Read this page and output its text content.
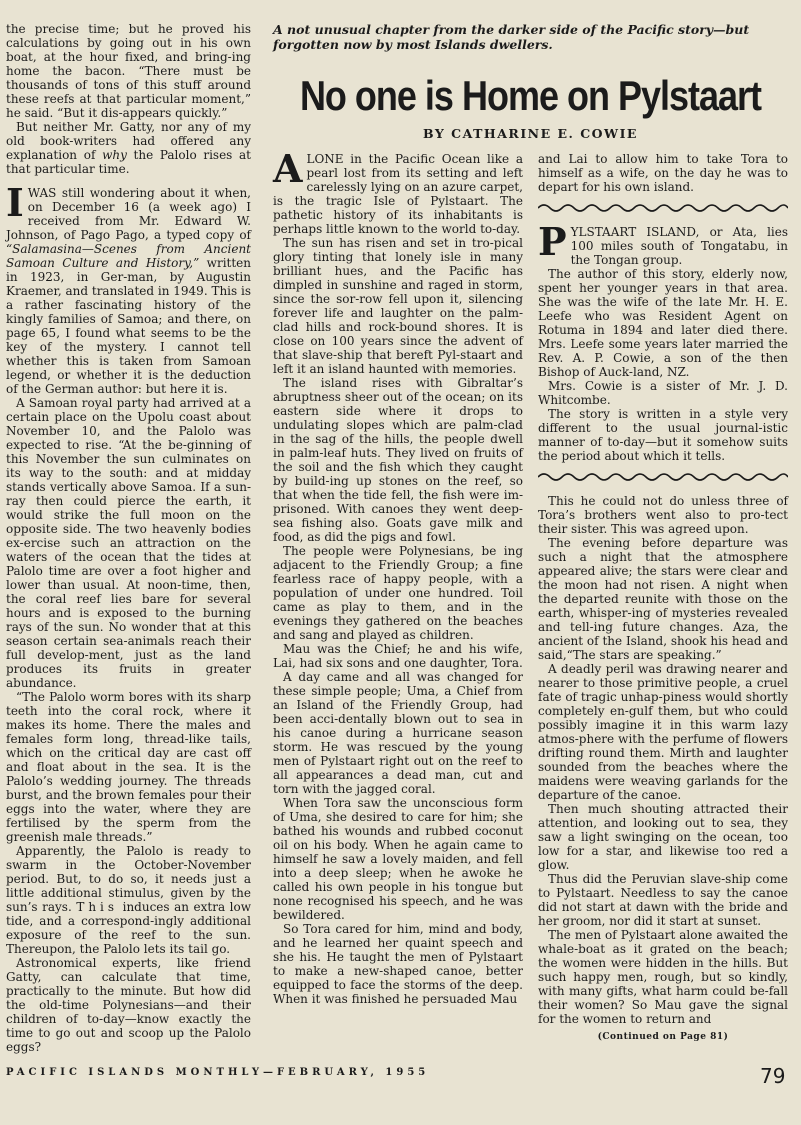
the precise time; but he proved his calculations by going out in his own boat, at the hour fixed, and bring-ing home the bacon. “There must be thousands of tons of this stuff around these reefs at that particular moment,” he said. “But it dis-appears quickly.”

But neither Mr. Gatty, nor any of my old book-writers had offered any explanation of why the Palolo rises at that particular time.

I WAS still wondering about it when, on December 16 (a week ago) I received from Mr. Edward W. Johnson, of Pago Pago, a typed copy of “Salamasina—Scenes from Ancient Samoan Culture and History,” written in 1923, in Ger-man, by Augustin Kraemer, and translated in 1949. This is a rather fascinating history of the kingly families of Samoa; and there, on page 65, I found what seems to be the key of the mystery. I cannot tell whether this is taken from Samoan legend, or whether it is the deduction of the German author: but here it is.

A Samoan royal party had arrived at a certain place on the Upolu coast about November 10, and the Palolo was expected to rise. “At the be-ginning of this November the sun culminates on its way to the south: and at midday stands vertically above Samoa. If a sun-ray then could pierce the earth, it would strike the full moon on the opposite side. The two heavenly bodies ex-ercise such an attraction on the waters of the ocean that the tides at Palolo time are over a foot higher and lower than usual. At noon-time, then, the coral reef lies bare for several hours and is exposed to the burning rays of the sun. No wonder that at this season certain sea-animals reach their full develop-ment, just as the land produces its fruits in greater abundance.

“The Palolo worm bores with its sharp teeth into the coral rock, where it makes its home. There the males and females form long, thread-like tails, which on the critical day are cast off and float about in the sea. It is the Palolo’s wedding journey. The threads burst, and the brown females pour their eggs into the water, where they are fertilised by the sperm from the greenish male threads.”

Apparently, the Palolo is ready to swarm in the October-November period. But, to do so, it needs just a little additional stimulus, given by the sun’s rays. This induces an extra low tide, and a correspond-ingly additional exposure of the reef to the sun. Thereupon, the Palolo lets its tail go.

Astronomical experts, like friend Gatty, can calculate that time, practically to the minute. But how did the old-time Polynesians—and their children of to-day—know exactly the time to go out and scoop up the Palolo eggs?

A not unusual chapter from the darker side of the Pacific story—but forgotten now by most Islands dwellers.
No one is Home on Pylstaart
BY CATHARINE E. COWIE

ALONE in the Pacific Ocean like a pearl lost from its setting and left carelessly lying on an azure carpet, is the tragic Isle of Pylstaart. The pathetic history of its inhabitants is perhaps little known to the world to-day.

The sun has risen and set in tro-pical glory tinting that lonely isle in many brilliant hues, and the Pacific has dimpled in sunshine and raged in storm, since the sor-row fell upon it, silencing forever life and laughter on the palm-clad hills and rock-bound shores. It is close on 100 years since the advent of that slave-ship that bereft Pyl-staart and left it an island haunted with memories.

The island rises with Gibraltar’s abruptness sheer out of the ocean; on its eastern side where it drops to undulating slopes which are palm-clad in the sag of the hills, the people dwell in palm-leaf huts. They lived on fruits of the soil and the fish which they caught by build-ing up stones on the reef, so that when the tide fell, the fish were im-prisoned. With canoes they went deep-sea fishing also. Goats gave milk and food, as did the pigs and fowl.

The people were Polynesians, be ing adjacent to the Friendly Group; a fine fearless race of happy people, with a population of under one hundred. Toil came as play to them, and in the evenings they gathered on the beaches and sang and played as children.

Mau was the Chief; he and his wife, Lai, had six sons and one daughter, Tora.

A day came and all was changed for these simple people; Uma, a Chief from an Island of the Friendly Group, had been acci-dentally blown out to sea in his canoe during a hurricane season storm. He was rescued by the young men of Pylstaart right out on the reef to all appearances a dead man, cut and torn with the jagged coral.

When Tora saw the unconscious form of Uma, she desired to care for him; she bathed his wounds and rubbed coconut oil on his body. When he again came to himself he saw a lovely maiden, and fell into a deep sleep; when he awoke he called his own people in his tongue but none recognised his speech, and he was bewildered.

So Tora cared for him, mind and body, and he learned her quaint speech and she his. He taught the men of Pylstaart to make a new-shaped canoe, better equipped to face the storms of the deep. When it was finished he persuaded Mau

and Lai to allow him to take Tora to himself as a wife, on the day he was to depart for his own island.

PYLSTAART ISLAND, or Ata, lies 100 miles south of Tongatabu, in the Tongan group.

The author of this story, elderly now, spent her younger years in that area. She was the wife of the late Mr. H. E. Leefe who was Resident Agent on Rotuma in 1894 and later died there. Mrs. Leefe some years later married the Rev. A. P. Cowie, a son of the then Bishop of Auck-land, NZ.

Mrs. Cowie is a sister of Mr. J. D. Whitcombe.

The story is written in a style very different to the usual journal-istic manner of to-day—but it somehow suits the period about which it tells.

This he could not do unless three of Tora’s brothers went also to pro-tect their sister. This was agreed upon.

The evening before departure was such a night that the atmosphere appeared alive; the stars were clear and the moon had not risen. A night when the departed reunite with those on the earth, whisper-ing of mysteries revealed and tell-ing future changes. Aza, the ancient of the Island, shook his head and said,“The stars are speaking.”

A deadly peril was drawing nearer and nearer to those primitive people, a cruel fate of tragic unhap-piness would shortly completely en-gulf them, but who could possibly imagine it in this warm lazy atmos-phere with the perfume of flowers drifting round them. Mirth and laughter sounded from the beaches where the maidens were weaving garlands for the departure of the canoe.

Then much shouting attracted their attention, and looking out to sea, they saw a light swinging on the ocean, too low for a star, and likewise too red a glow.

Thus did the Peruvian slave-ship come to Pylstaart. Needless to say the canoe did not start at dawn with the bride and her groom, nor did it start at sunset.

The men of Pylstaart alone awaited the whale-boat as it grated on the beach; the women were hidden in the hills. But such happy men, rough, but so kindly, with many gifts, what harm could be-fall their women? So Mau gave the signal for the women to return and

(Continued on Page 81)
PACIFIC ISLANDS MONTHLY—FEBRUARY, 1955	79
